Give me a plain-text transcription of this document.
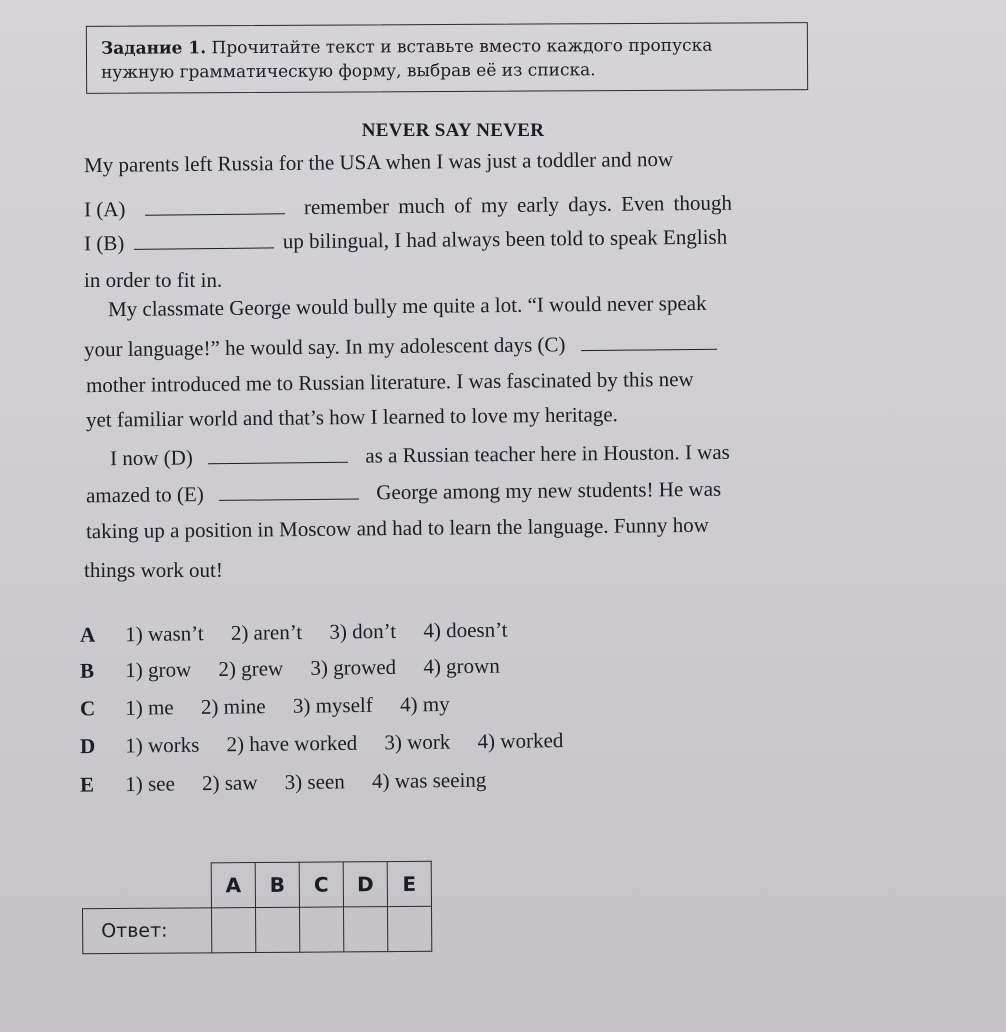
Задание 1. Прочитайте текст и вставьте вместо каждого пропуска
нужную грамматическую форму, выбрав её из списка.
NEVER SAY NEVER
My parents left Russia for the USA when I was just a toddler and now
I (A)	remember much of my early days. Even though
I (B)	up bilingual, I had always been told to speak English
in order to fit in.
My classmate George would bully me quite a lot. “I would never speak
your language!” he would say. In my adolescent days (C)
mother introduced me to Russian literature. I was fascinated by this new
yet familiar world and that’s how I learned to love my heritage.
I now (D)	as a Russian teacher here in Houston. I was
amazed to (E)	George among my new students! He was
taking up a position in Moscow and had to learn the language. Funny how
things work out!
A 1) wasn’t 2) aren’t 3) don’t 4) doesn’t
B 1) grow 2) grew 3) growed 4) grown
C 1) me 2) mine 3) myself 4) my
D 1) works 2) have worked 3) work 4) worked
E 1) see 2) saw 3) seen 4) was seeing
	A	B	C	D	E
Ответ:					
